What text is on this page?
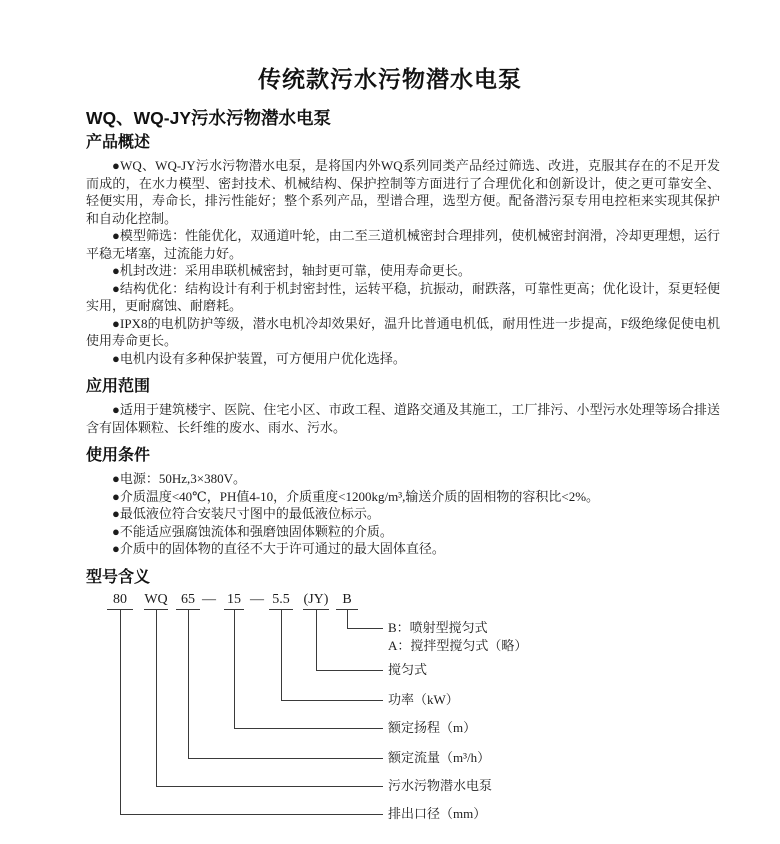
传统款污水污物潜水电泵
WQ、WQ-JY污水污物潜水电泵
产品概述

●WQ、WQ-JY污水污物潜水电泵，是将国内外WQ系列同类产品经过筛选、改进，克服其存在的不足开发而成的，在水力模型、密封技术、机械结构、保护控制等方面进行了合理优化和创新设计，使之更可靠安全、轻便实用，寿命长，排污性能好；整个系列产品，型谱合理，选型方便。配备潜污泵专用电控柜来实现其保护和自动化控制。

●模型筛选：性能优化，双通道叶轮，由二至三道机械密封合理排列，使机械密封润滑，冷却更理想，运行平稳无堵塞，过流能力好。

●机封改进：采用串联机械密封，轴封更可靠，使用寿命更长。

●结构优化：结构设计有利于机封密封性，运转平稳，抗振动，耐跌落，可靠性更高；优化设计，泵更轻便实用，更耐腐蚀、耐磨耗。

●IPX8的电机防护等级，潜水电机冷却效果好，温升比普通电机低，耐用性进一步提高，F级绝缘促使电机使用寿命更长。

●电机内设有多种保护装置，可方便用户优化选择。

应用范围

●适用于建筑楼宇、医院、住宅小区、市政工程、道路交通及其施工，工厂排污、小型污水处理等场合排送含有固体颗粒、长纤维的废水、雨水、污水。

使用条件

●电源：50Hz,3×380V。

●介质温度<40℃，PH值4-10，介质重度<1200kg/m³,输送介质的固相物的容积比<2%。

●最低液位符合安装尺寸图中的最低液位标示。

●不能适应强腐蚀流体和强磨蚀固体颗粒的介质。

●介质中的固体物的直径不大于许可通过的最大固体直径。

型号含义
80 WQ 65 — 15 — 5.5 (JY) B
B：喷射型搅匀式
A：搅拌型搅匀式（略）
搅匀式
功率（kW）
额定扬程（m）
额定流量（m³/h）
污水污物潜水电泵
排出口径（mm）
